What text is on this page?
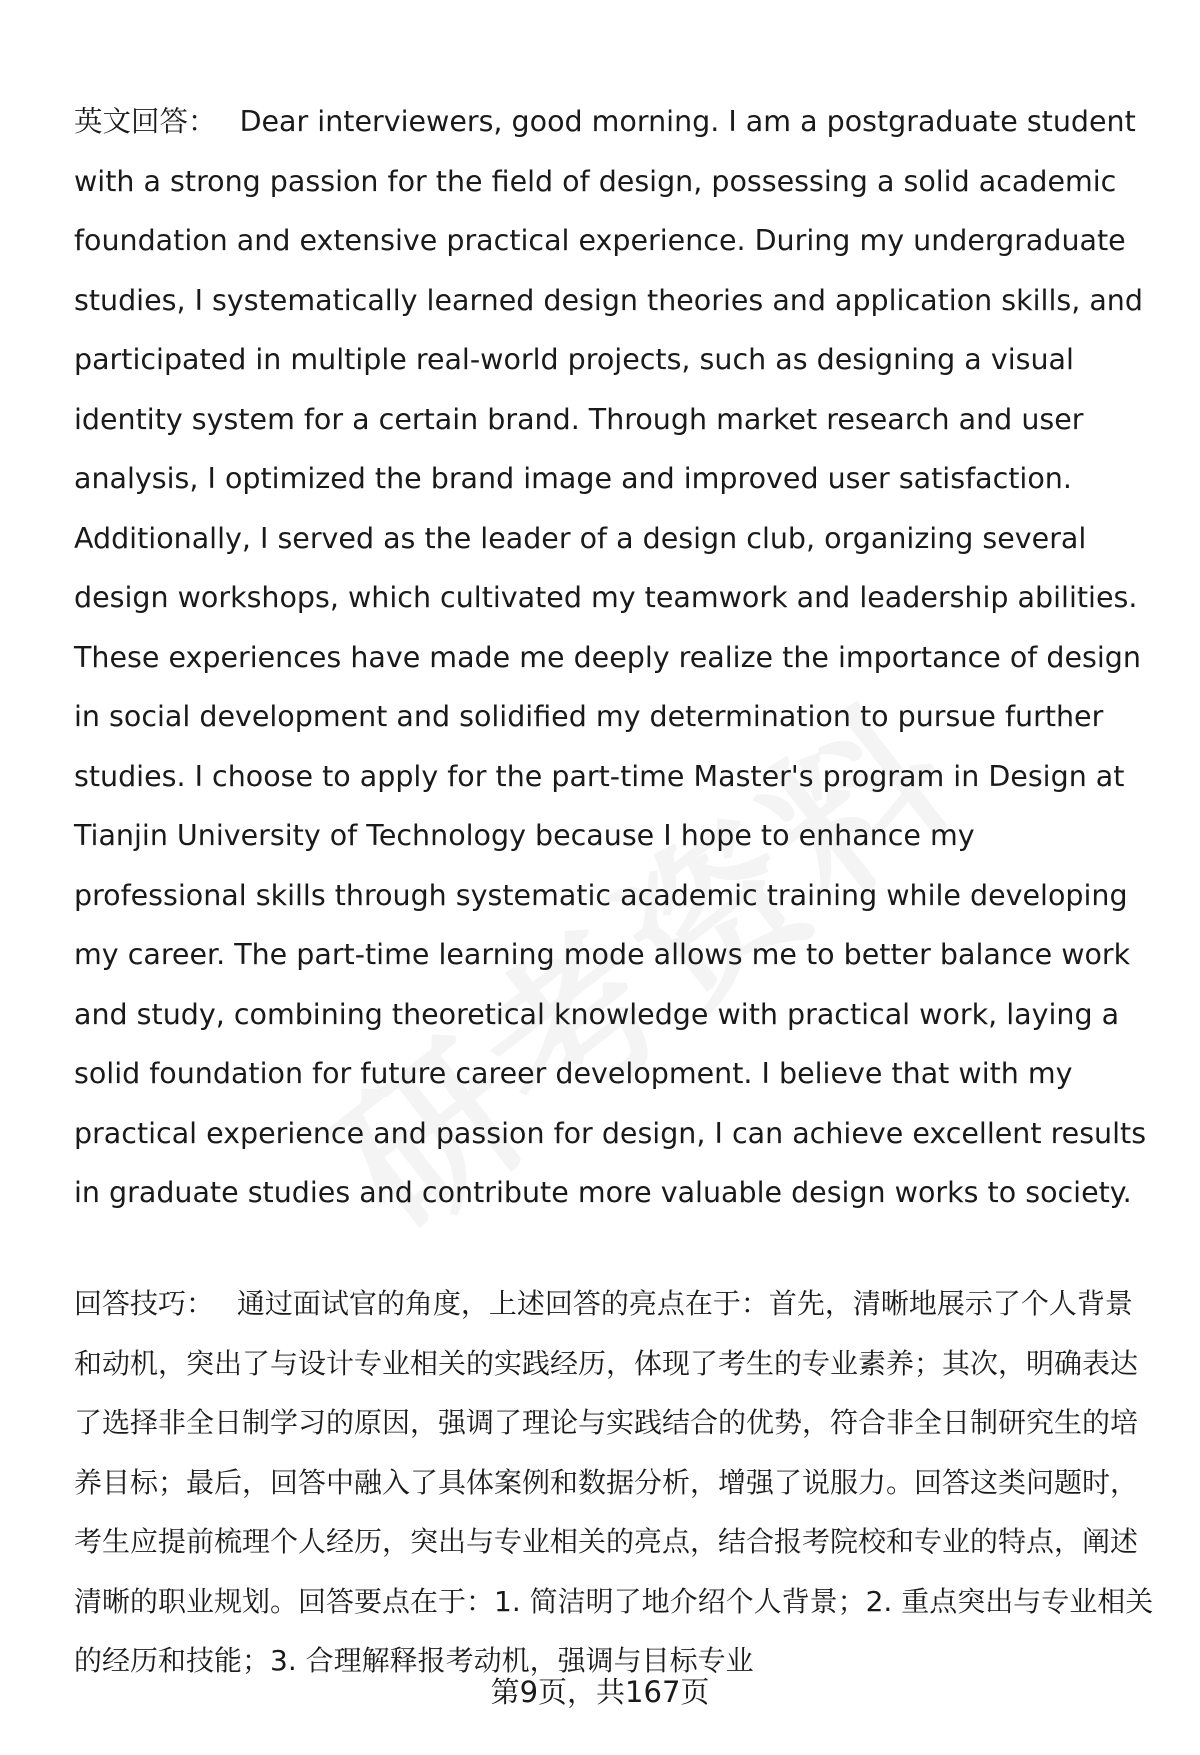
英文回答： Dear interviewers, good morning. I am a postgraduate student with a strong passion for the field of design, possessing a solid academic foundation and extensive practical experience. During my undergraduate studies, I systematically learned design theories and application skills, and participated in multiple real-world projects, such as designing a visual identity system for a certain brand. Through market research and user analysis, I optimized the brand image and improved user satisfaction. Additionally, I served as the leader of a design club, organizing several design workshops, which cultivated my teamwork and leadership abilities. These experiences have made me deeply realize the importance of design in social development and solidified my determination to pursue further studies. I choose to apply for the part-time Master's program in Design at Tianjin University of Technology because I hope to enhance my professional skills through systematic academic training while developing my career. The part-time learning mode allows me to better balance work and study, combining theoretical knowledge with practical work, laying a solid foundation for future career development. I believe that with my practical experience and passion for design, I can achieve excellent results in graduate studies and contribute more valuable design works to society.

回答技巧： 通过面试官的角度，上述回答的亮点在于：首先，清晰地展示了个人背景和动机，突出了与设计专业相关的实践经历，体现了考生的专业素养；其次，明确表达了选择非全日制学习的原因，强调了理论与实践结合的优势，符合非全日制研究生的培养目标；最后，回答中融入了具体案例和数据分析，增强了说服力。回答这类问题时，考生应提前梳理个人经历，突出与专业相关的亮点，结合报考院校和专业的特点，阐述清晰的职业规划。回答要点在于：1. 简洁明了地介绍个人背景；2. 重点突出与专业相关的经历和技能；3. 合理解释报考动机，强调与目标专业

第9页，共167页
